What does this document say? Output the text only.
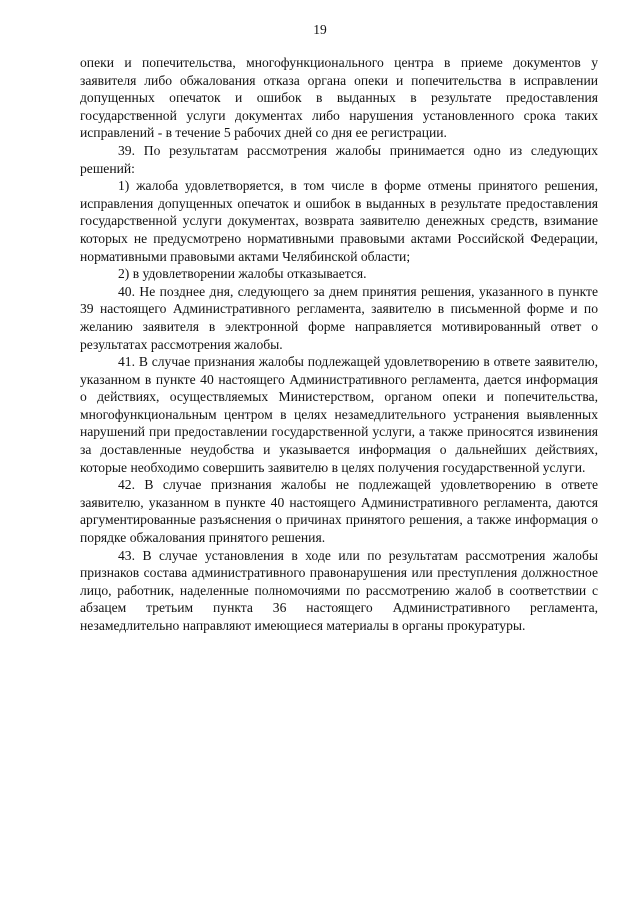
19

опеки и попечительства, многофункционального центра в приеме документов у заявителя либо обжалования отказа органа опеки и попечительства в исправлении допущенных опечаток и ошибок в выданных в результате предоставления государственной услуги документах либо нарушения установленного срока таких исправлений - в течение 5 рабочих дней со дня ее регистрации.

39. По результатам рассмотрения жалобы принимается одно из следующих решений:

1) жалоба удовлетворяется, в том числе в форме отмены принятого решения, исправления допущенных опечаток и ошибок в выданных в результате предоставления государственной услуги документах, возврата заявителю денежных средств, взимание которых не предусмотрено нормативными правовыми актами Российской Федерации, нормативными правовыми актами Челябинской области;

2) в удовлетворении жалобы отказывается.

40. Не позднее дня, следующего за днем принятия решения, указанного в пункте 39 настоящего Административного регламента, заявителю в письменной форме и по желанию заявителя в электронной форме направляется мотивированный ответ о результатах рассмотрения жалобы.

41. В случае признания жалобы подлежащей удовлетворению в ответе заявителю, указанном в пункте 40 настоящего Административного регламента, дается информация о действиях, осуществляемых Министерством, органом опеки и попечительства, многофункциональным центром в целях незамедлительного устранения выявленных нарушений при предоставлении государственной услуги, а также приносятся извинения за доставленные неудобства и указывается информация о дальнейших действиях, которые необходимо совершить заявителю в целях получения государственной услуги.

42. В случае признания жалобы не подлежащей удовлетворению в ответе заявителю, указанном в пункте 40 настоящего Административного регламента, даются аргументированные разъяснения о причинах принятого решения, а также информация о порядке обжалования принятого решения.

43. В случае установления в ходе или по результатам рассмотрения жалобы признаков состава административного правонарушения или преступления должностное лицо, работник, наделенные полномочиями по рассмотрению жалоб в соответствии с абзацем третьим пункта 36 настоящего Административного регламента, незамедлительно направляют имеющиеся материалы в органы прокуратуры.
